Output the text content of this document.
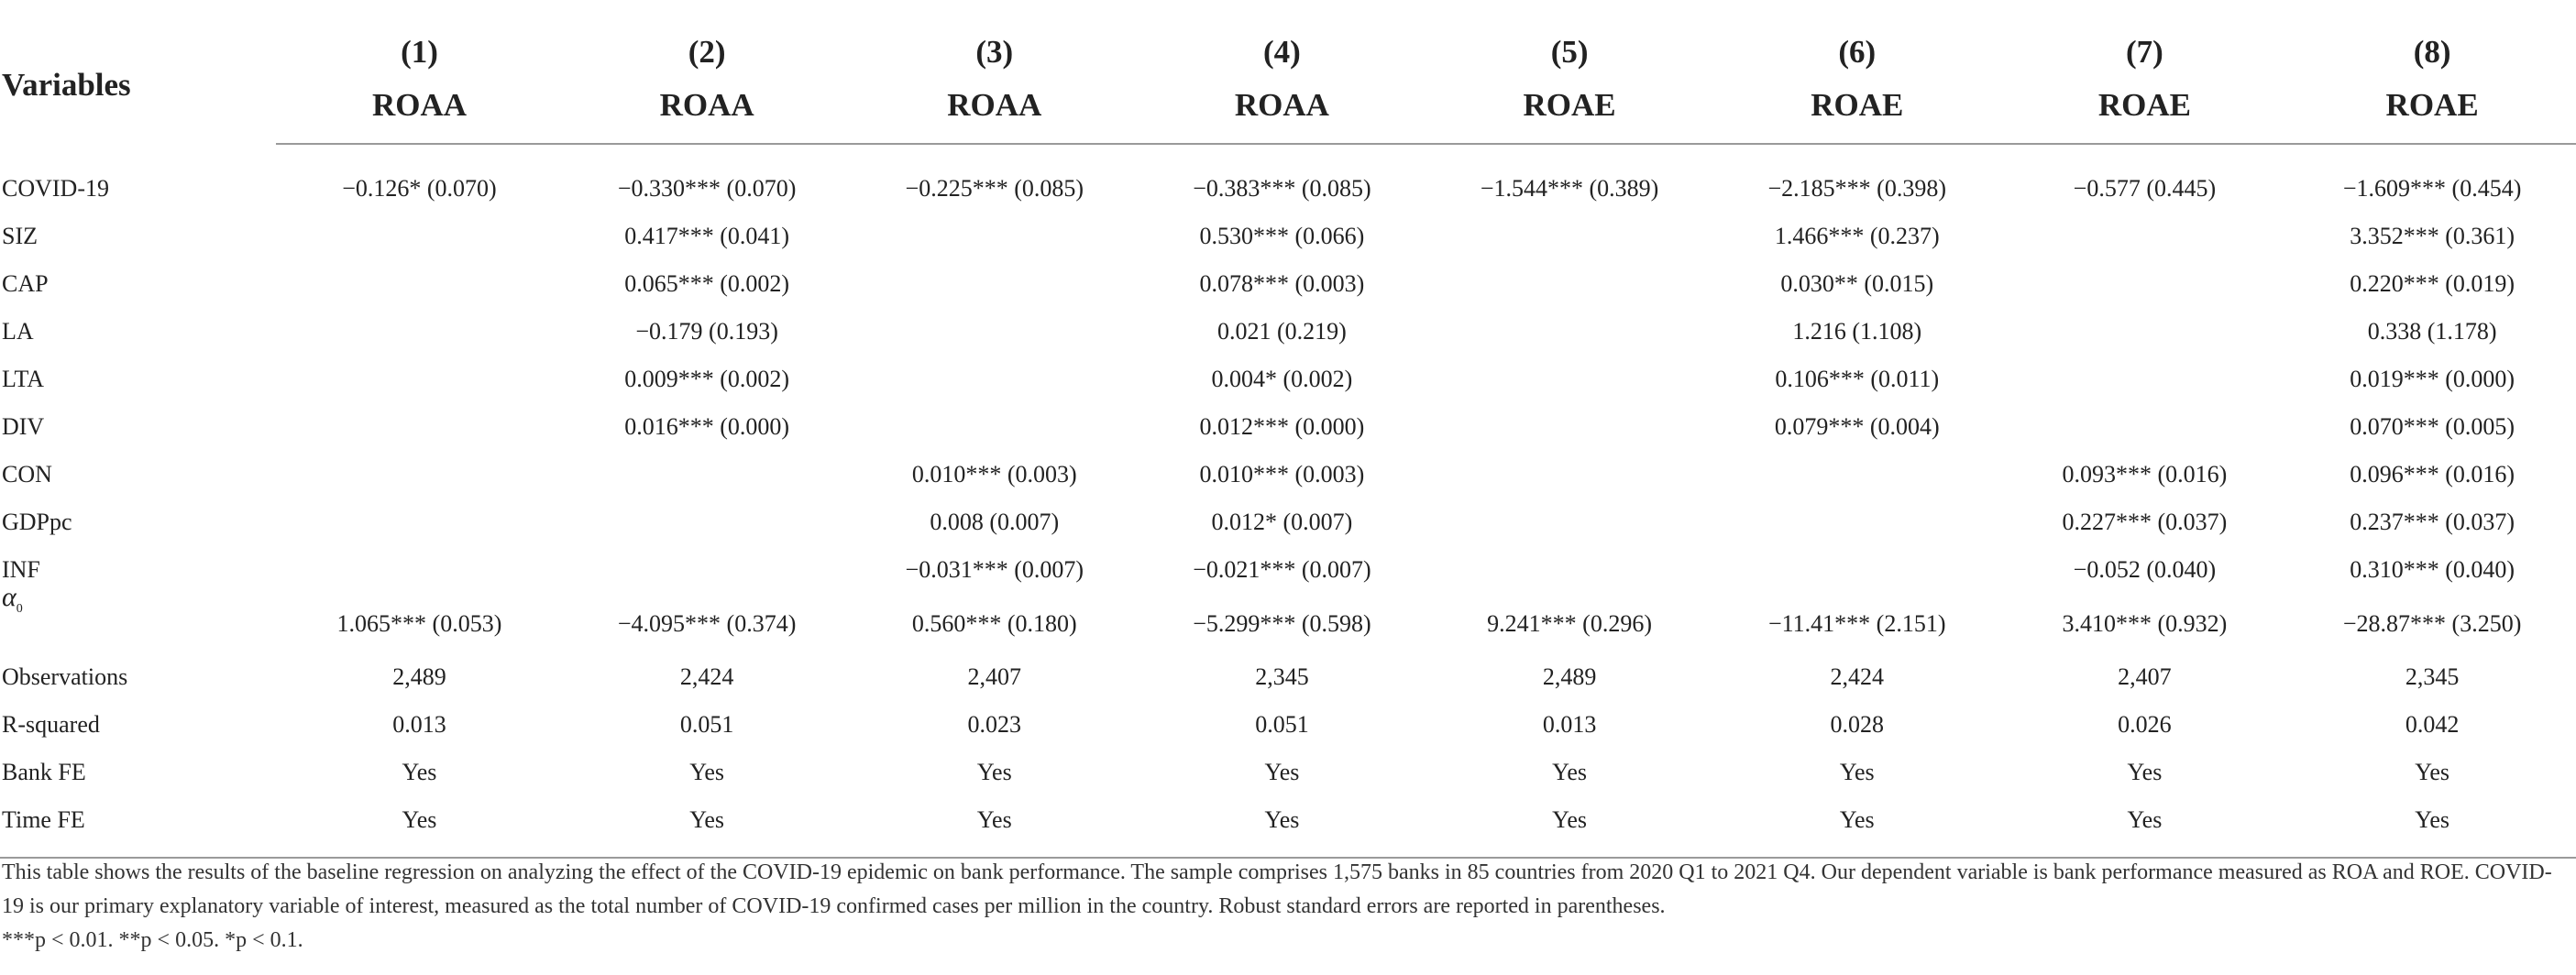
Variables	(1)	(2)	(3)	(4)	(5)	(6)	(7)	(8)
	ROAA	ROAA	ROAA	ROAA	ROAE	ROAE	ROAE	ROAE
COVID-19	−0.126* (0.070)	−0.330*** (0.070)	−0.225*** (0.085)	−0.383*** (0.085)	−1.544*** (0.389)	−2.185*** (0.398)	−0.577 (0.445)	−1.609*** (0.454)
SIZ		0.417*** (0.041)		0.530*** (0.066)		1.466*** (0.237)		3.352*** (0.361)
CAP		0.065*** (0.002)		0.078*** (0.003)		0.030** (0.015)		0.220*** (0.019)
LA		−0.179 (0.193)		0.021 (0.219)		1.216 (1.108)		0.338 (1.178)
LTA		0.009*** (0.002)		0.004* (0.002)		0.106*** (0.011)		0.019*** (0.000)
DIV		0.016*** (0.000)		0.012*** (0.000)		0.079*** (0.004)		0.070*** (0.005)
CON			0.010*** (0.003)	0.010*** (0.003)			0.093*** (0.016)	0.096*** (0.016)
GDPpc			0.008 (0.007)	0.012* (0.007)			0.227*** (0.037)	0.237*** (0.037)
INF			−0.031*** (0.007)	−0.021*** (0.007)			−0.052 (0.040)	0.310*** (0.040)
$\alpha_0$	1.065*** (0.053)	−4.095*** (0.374)	0.560*** (0.180)	−5.299*** (0.598)	9.241*** (0.296)	−11.41*** (2.151)	3.410*** (0.932)	−28.87*** (3.250)
Observations	2,489	2,424	2,407	2,345	2,489	2,424	2,407	2,345
R-squared	0.013	0.051	0.023	0.051	0.013	0.028	0.026	0.042
Bank FE	Yes	Yes	Yes	Yes	Yes	Yes	Yes	Yes
Time FE	Yes	Yes	Yes	Yes	Yes	Yes	Yes	Yes

This table shows the results of the baseline regression on analyzing the effect of the COVID-19 epidemic on bank performance. The sample comprises 1,575 banks in 85 countries from 2020 Q1 to 2021 Q4. Our dependent variable is bank performance measured as ROA and ROE. COVID-19 is our primary explanatory variable of interest, measured as the total number of COVID-19 confirmed cases per million in the country. Robust standard errors are reported in parentheses.

***p < 0.01. **p < 0.05. *p < 0.1.
